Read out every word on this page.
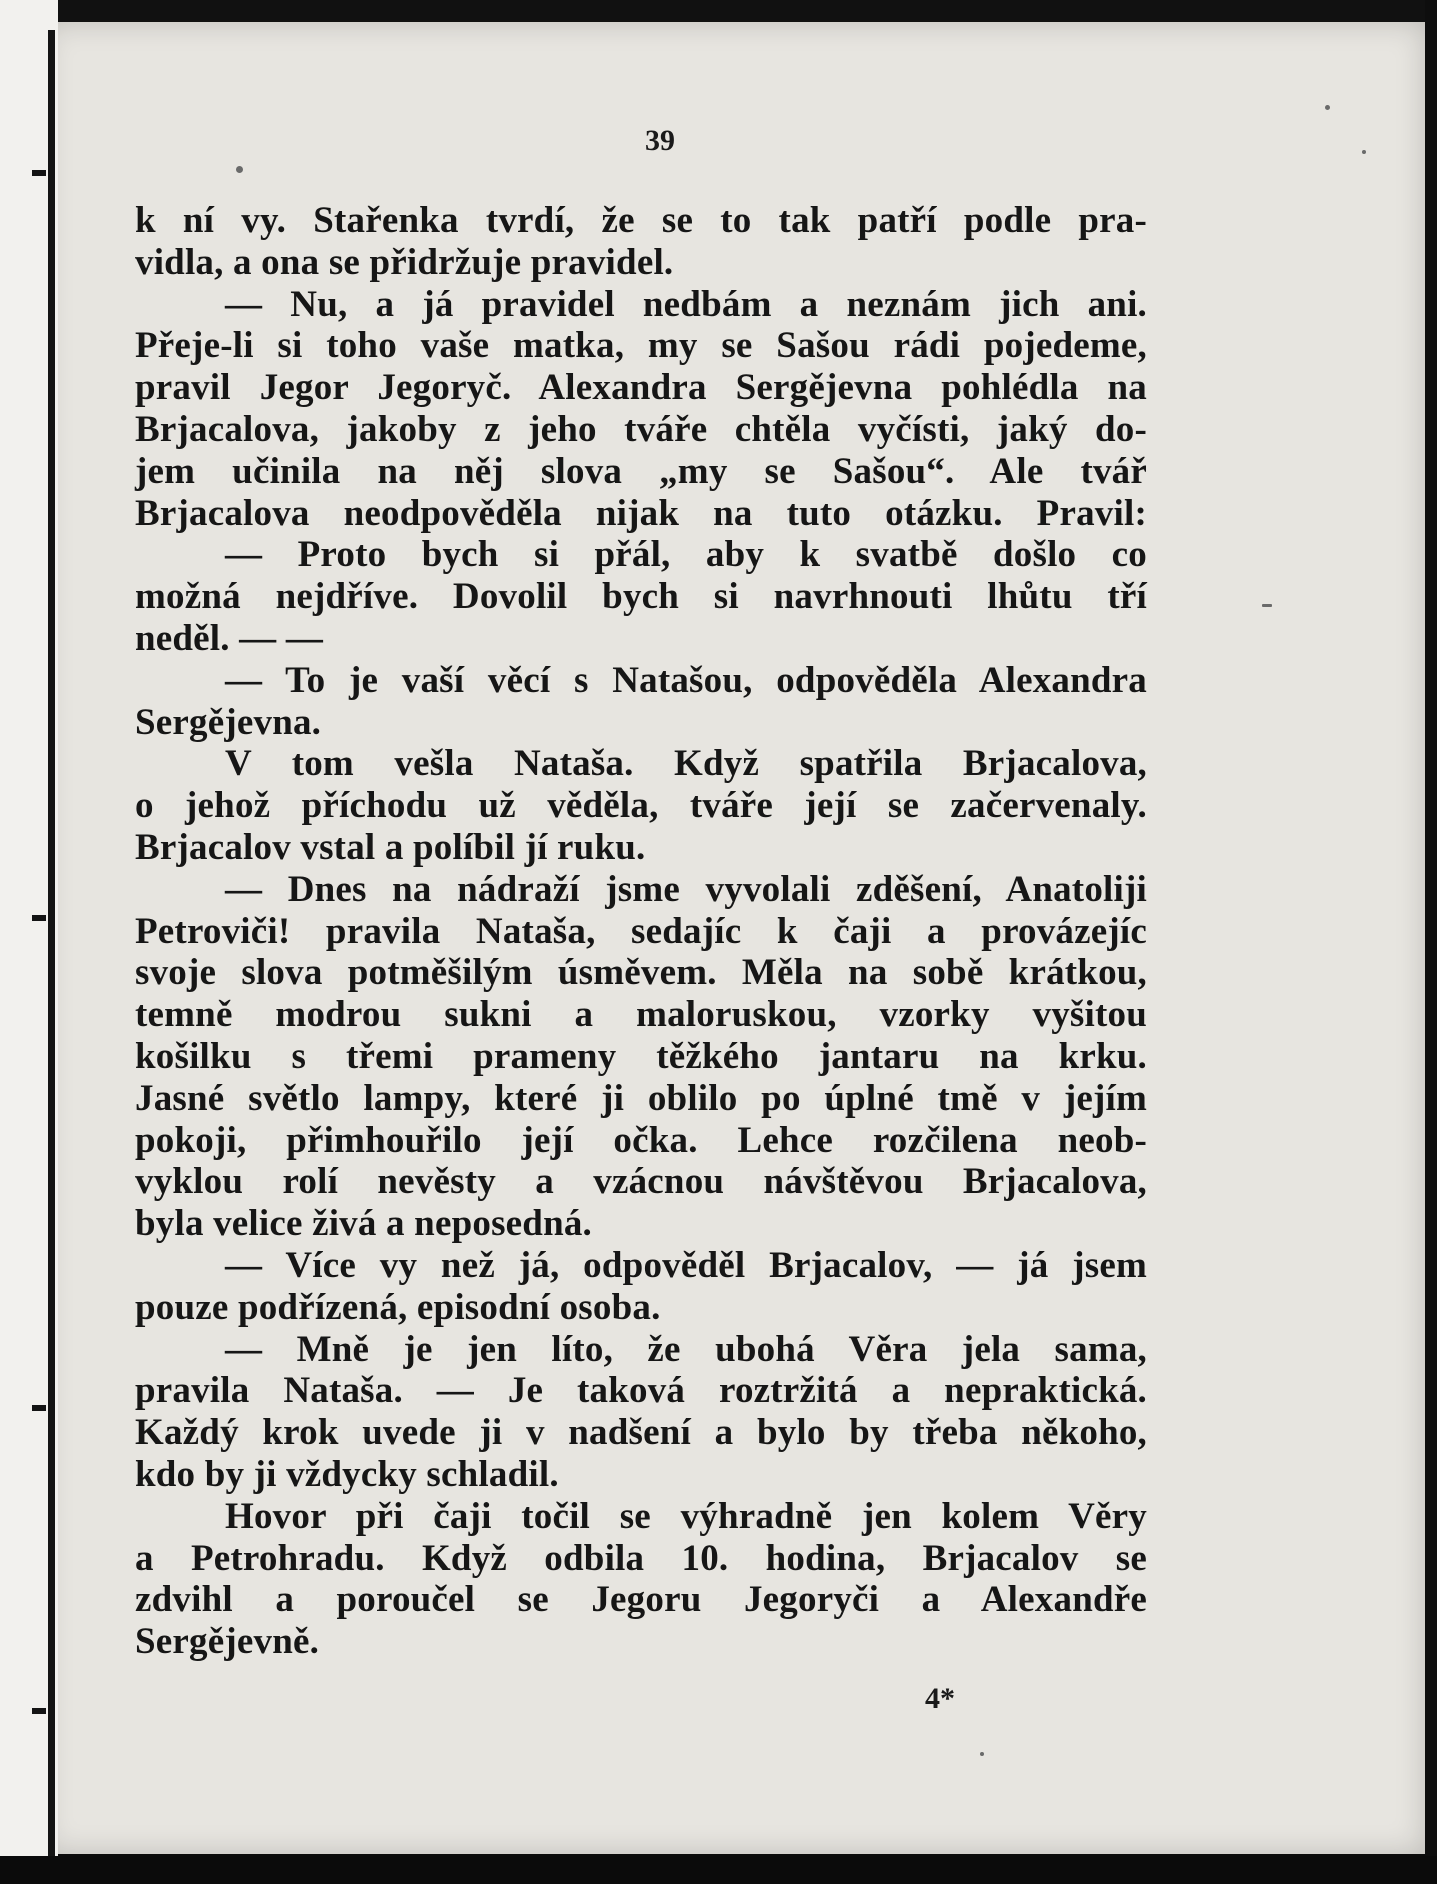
39
k ní vy. Stařenka tvrdí, že se to tak patří podle pra-
vidla, a ona se přidržuje pravidel.
— Nu, a já pravidel nedbám a neznám jich ani.
Přeje-li si toho vaše matka, my se Sašou rádi pojedeme,
pravil Jegor Jegoryč. Alexandra Sergějevna pohlédla na
Brjacalova, jakoby z jeho tváře chtěla vyčísti, jaký do-
jem učinila na něj slova „my se Sašou“. Ale tvář
Brjacalova neodpověděla nijak na tuto otázku. Pravil:
— Proto bych si přál, aby k svatbě došlo co
možná nejdříve. Dovolil bych si navrhnouti lhůtu tří
neděl. — —
— To je vaší věcí s Natašou, odpověděla Alexandra
Sergějevna.
V tom vešla Nataša. Když spatřila Brjacalova,
o jehož příchodu už věděla, tváře její se začervenaly.
Brjacalov vstal a políbil jí ruku.
— Dnes na nádraží jsme vyvolali zděšení, Anatoliji
Petroviči! pravila Nataša, sedajíc k čaji a provázejíc
svoje slova potměšilým úsměvem. Měla na sobě krátkou,
temně modrou sukni a maloruskou, vzorky vyšitou
košilku s třemi prameny těžkého jantaru na krku.
Jasné světlo lampy, které ji oblilo po úplné tmě v jejím
pokoji, přimhouřilo její očka. Lehce rozčilena neob-
vyklou rolí nevěsty a vzácnou návštěvou Brjacalova,
byla velice živá a neposedná.
— Více vy než já, odpověděl Brjacalov, — já jsem
pouze podřízená, episodní osoba.
— Mně je jen líto, že ubohá Věra jela sama,
pravila Nataša. — Je taková roztržitá a nepraktická.
Každý krok uvede ji v nadšení a bylo by třeba někoho,
kdo by ji vždycky schladil.
Hovor při čaji točil se výhradně jen kolem Věry
a Petrohradu. Když odbila 10. hodina, Brjacalov se
zdvihl a poroučel se Jegoru Jegoryči a Alexandře
Sergějevně.
4*
